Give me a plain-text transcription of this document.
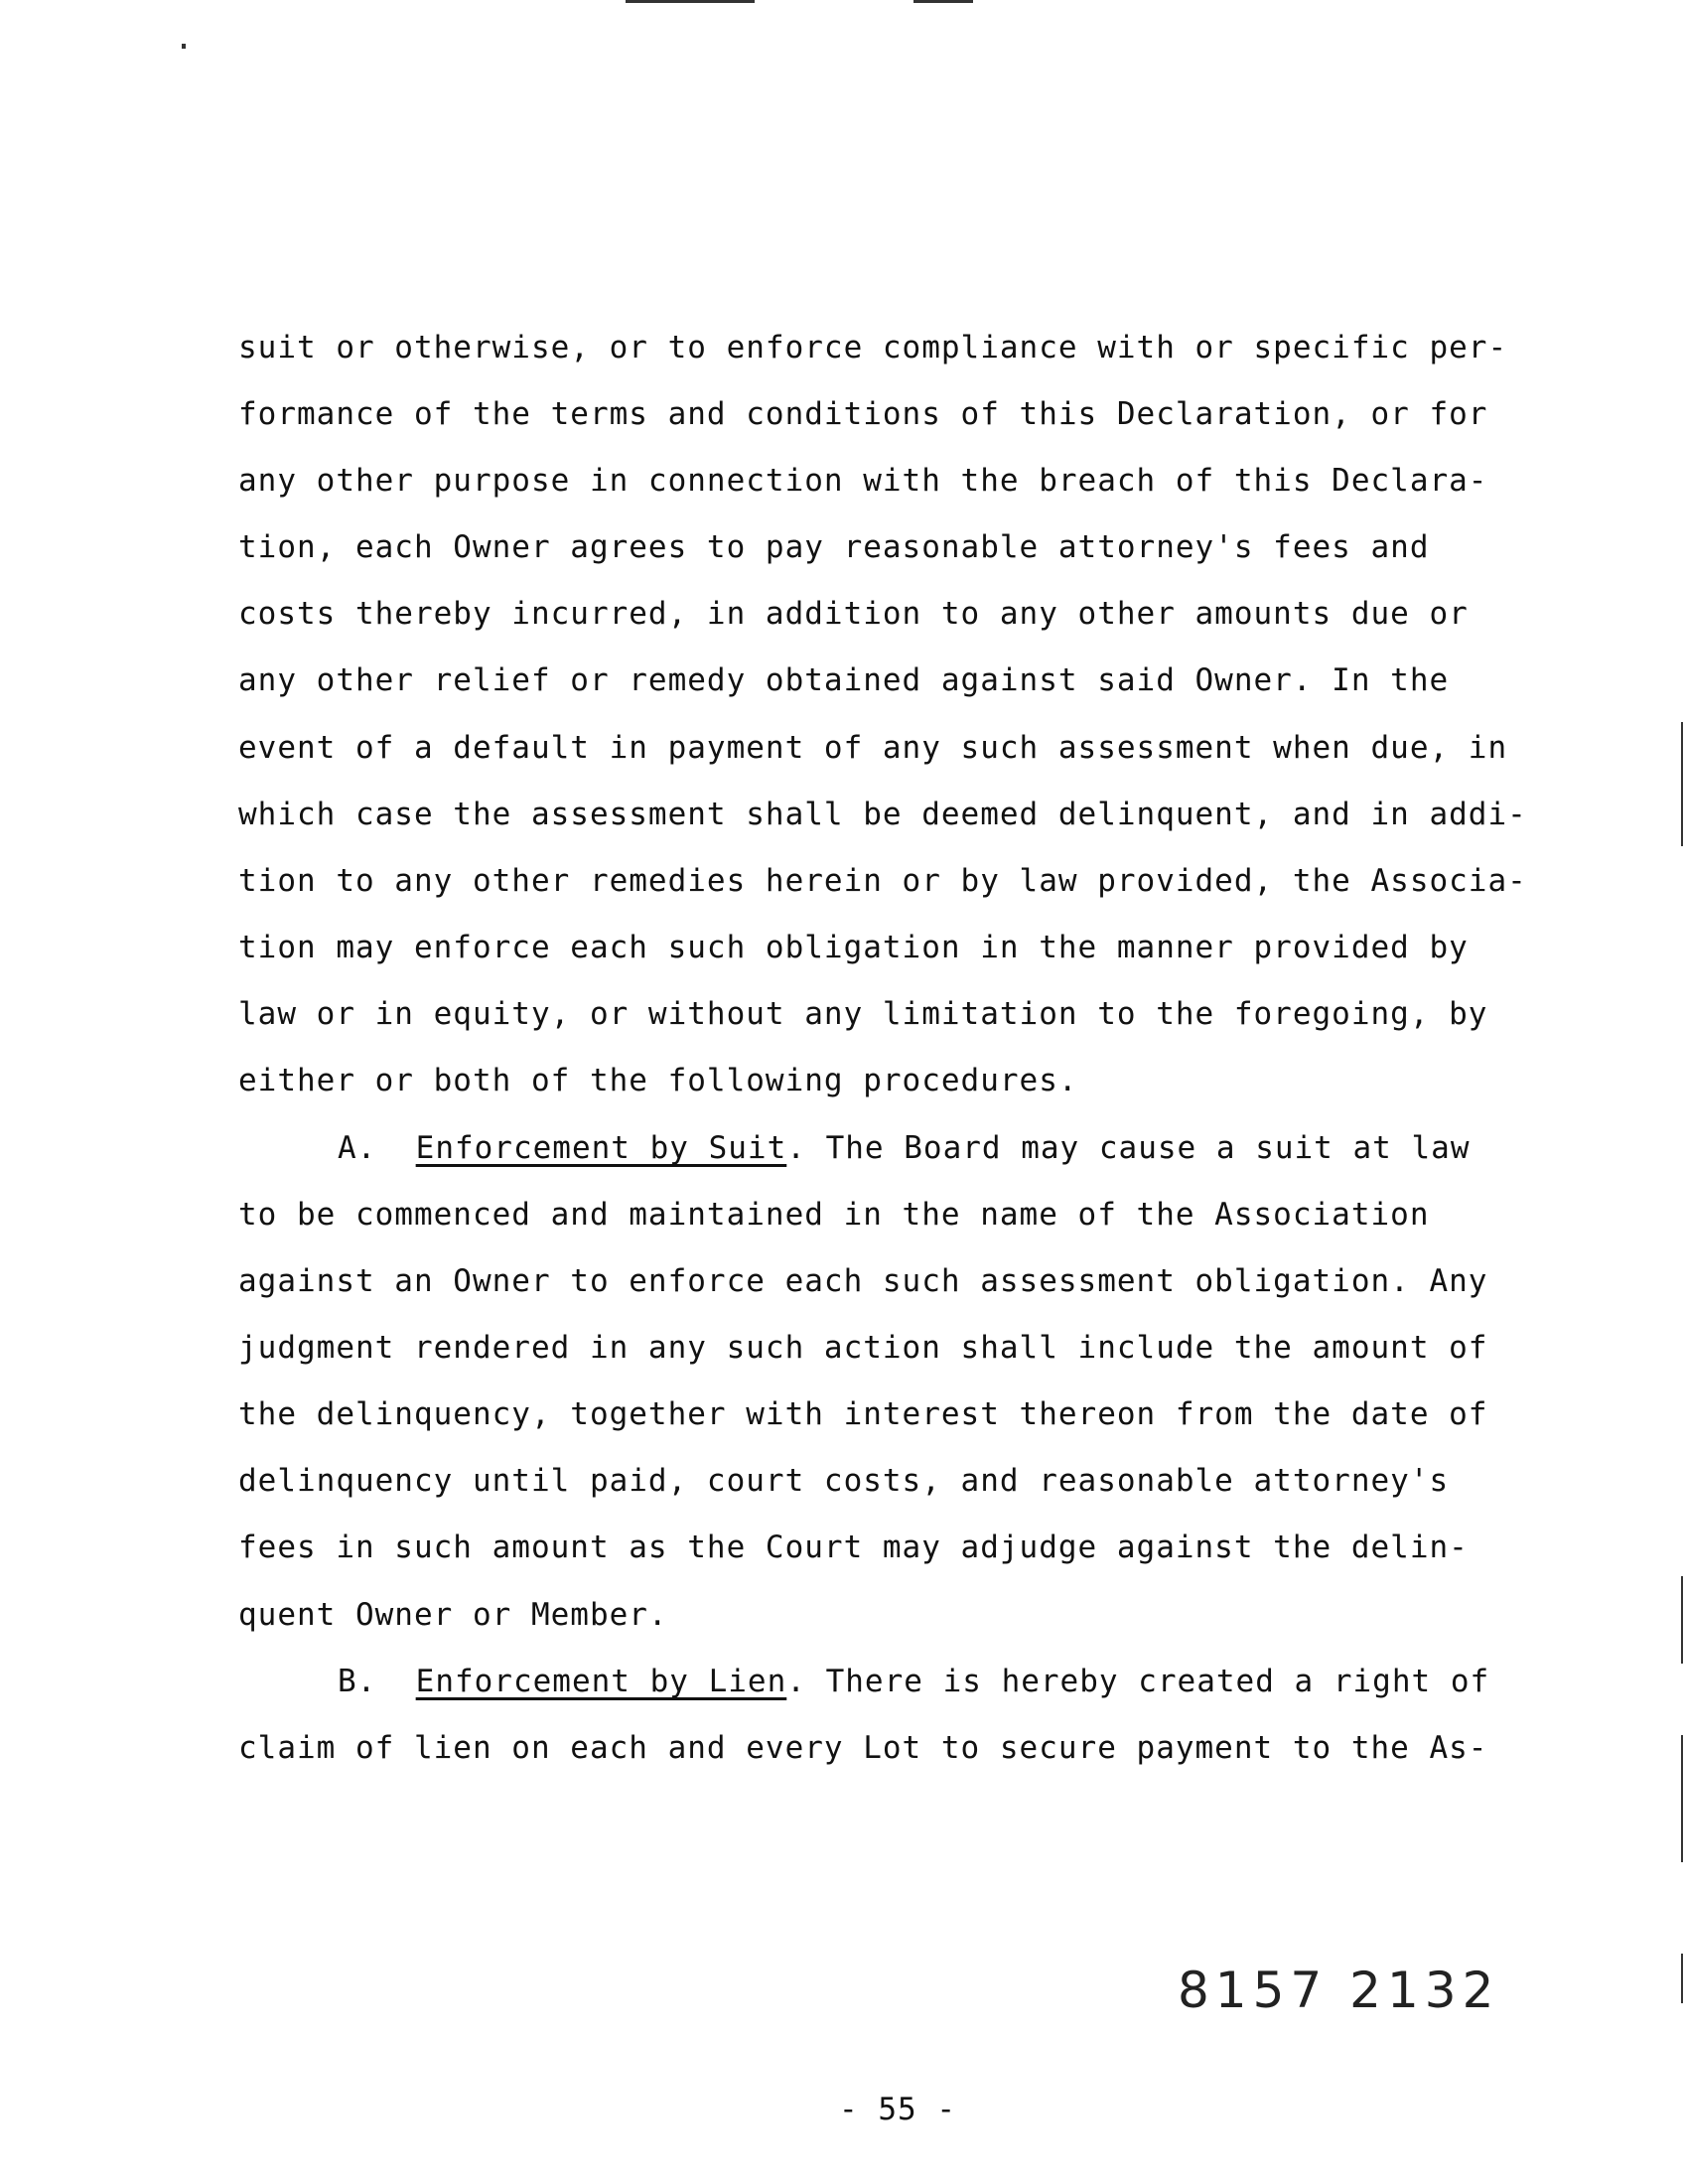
suit or otherwise, or to enforce compliance with or specific per-
formance of the terms and conditions of this Declaration, or for
any other purpose in connection with the breach of this Declara-
tion, each Owner agrees to pay reasonable attorney's fees and
costs thereby incurred, in addition to any other amounts due or
any other relief or remedy obtained against said Owner. In the
event of a default in payment of any such assessment when due, in
which case the assessment shall be deemed delinquent, and in addi-
tion to any other remedies herein or by law provided, the Associa-
tion may enforce each such obligation in the manner provided by
law or in equity, or without any limitation to the foregoing, by
either or both of the following procedures.
A. Enforcement by Suit. The Board may cause a suit at law
to be commenced and maintained in the name of the Association
against an Owner to enforce each such assessment obligation. Any
judgment rendered in any such action shall include the amount of
the delinquency, together with interest thereon from the date of
delinquency until paid, court costs, and reasonable attorney's
fees in such amount as the Court may adjudge against the delin-
quent Owner or Member.
B. Enforcement by Lien. There is hereby created a right of
claim of lien on each and every Lot to secure payment to the As-
8157 2132
- 55 -
